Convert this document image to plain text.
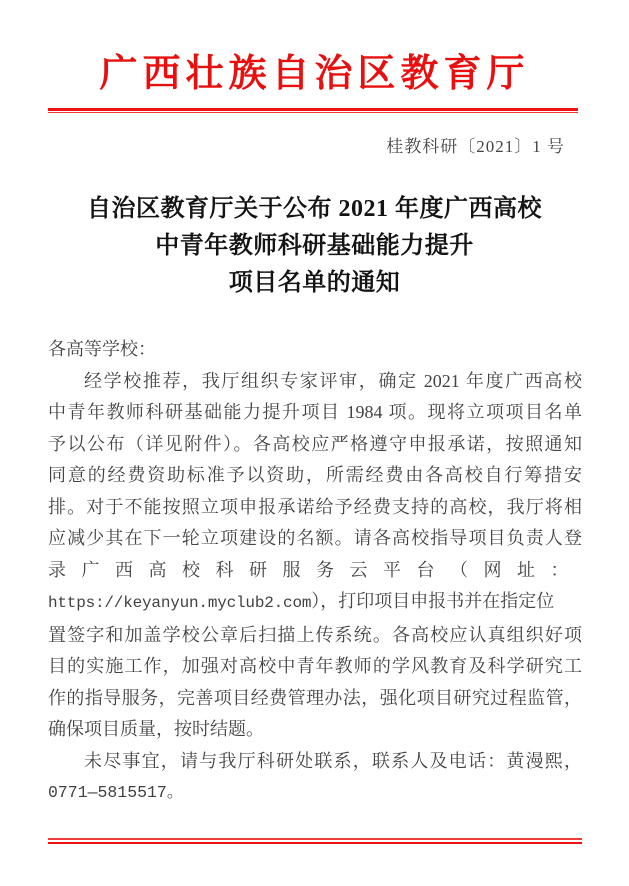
广西壮族自治区教育厅
桂教科研〔2021〕1 号
自治区教育厅关于公布 2021 年度广西高校
中青年教师科研基础能力提升
项目名单的通知
各高等学校：
经学校推荐，我厅组织专家评审，确定 2021 年度广西高校
中青年教师科研基础能力提升项目 1984 项。现将立项项目名单
予以公布（详见附件）。各高校应严格遵守申报承诺，按照通知
同意的经费资助标准予以资助，所需经费由各高校自行筹措安
排。对于不能按照立项申报承诺给予经费支持的高校，我厅将相
应减少其在下一轮立项建设的名额。请各高校指导项目负责人登
录广西高校科研服务云平台（网址：
https://keyanyun.myclub2.com），打印项目申报书并在指定位
置签字和加盖学校公章后扫描上传系统。各高校应认真组织好项
目的实施工作，加强对高校中青年教师的学风教育及科学研究工
作的指导服务，完善项目经费管理办法，强化项目研究过程监管，
确保项目质量，按时结题。
未尽事宜，请与我厅科研处联系，联系人及电话：黄漫熙，
0771—5815517。
